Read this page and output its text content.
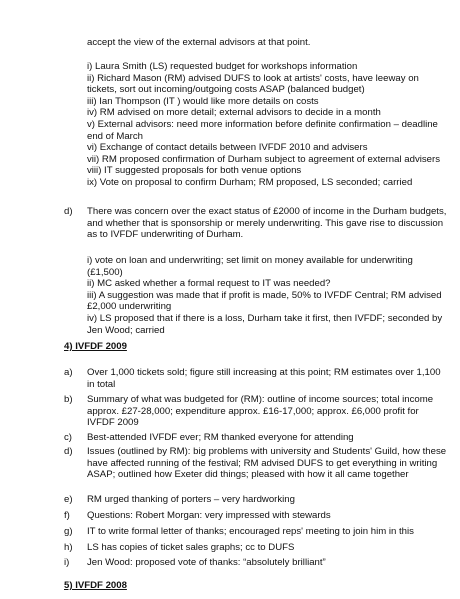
accept the view of the external advisors at that point.

i) Laura Smith (LS) requested budget for workshops information

ii) Richard Mason (RM) advised DUFS to look at artists' costs, have leeway on tickets, sort out incoming/outgoing costs ASAP (balanced budget)

iii) Ian Thompson (IT ) would like more details on costs

iv) RM advised on more detail; external advisors to decide in a month

v) External advisors: need more information before definite confirmation – deadline end of March

vi) Exchange of contact details between IVFDF 2010 and advisers

vii) RM proposed confirmation of Durham subject to agreement of external advisers

viii) IT suggested proposals for both venue options

ix) Vote on proposal to confirm Durham; RM proposed, LS seconded; carried

d)	There was concern over the exact status of £2000 of income in the Durham budgets, and whether that is sponsorship or merely underwriting. This gave rise to discussion as to IVFDF underwriting of Durham.

i) vote on loan and underwriting; set limit on money available for underwriting (£1,500)

ii) MC asked whether a formal request to IT was needed?

iii) A suggestion was made that if profit is made, 50% to IVFDF Central; RM advised £2,000 underwriting

iv) LS proposed that if there is a loss, Durham take it first, then IVFDF; seconded by Jen Wood; carried

4) IVFDF 2009
a)	Over 1,000 tickets sold; figure still increasing at this point; RM estimates over 1,100 in total

b)	Summary of what was budgeted for (RM): outline of income sources; total income approx. £27-28,000; expenditure approx. £16-17,000; approx. £6,000 profit for IVFDF 2009

c)	Best-attended IVFDF ever; RM thanked everyone for attending

d)	Issues (outlined by RM): big problems with university and Students' Guild, how these have affected running of the festival; RM advised DUFS to get everything in writing ASAP; outlined how Exeter did things; pleased with how it all came together

e)	RM urged thanking of porters – very hardworking

f)	Questions: Robert Morgan: very impressed with stewards

g)	IT to write formal letter of thanks; encouraged reps' meeting to join him in this

h)	LS has copies of ticket sales graphs; cc to DUFS

i)	Jen Wood: proposed vote of thanks: “absolutely brilliant”

5) IVFDF 2008
